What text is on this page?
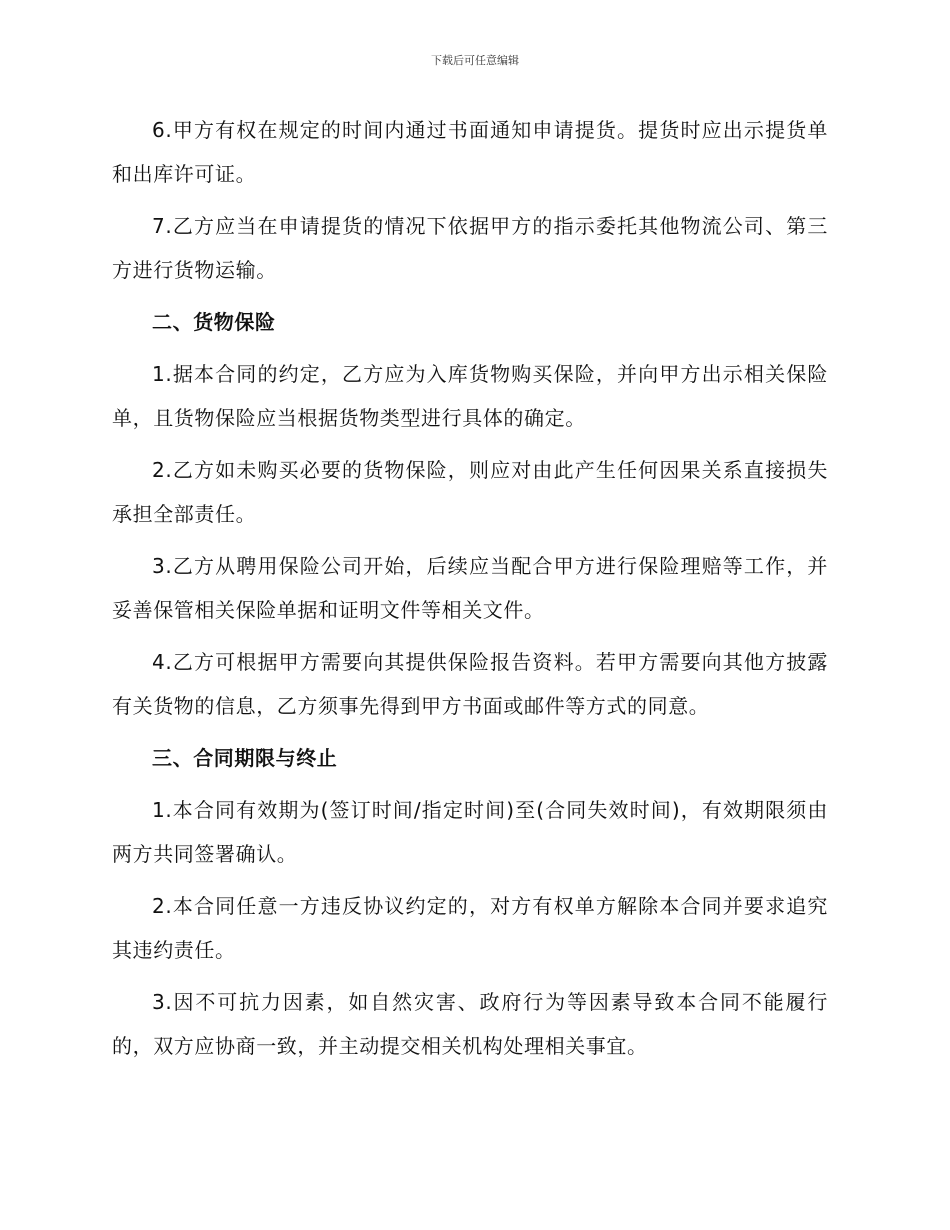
下载后可任意编辑

6.甲方有权在规定的时间内通过书面通知申请提货。提货时应出示提货单和出库许可证。

7.乙方应当在申请提货的情况下依据甲方的指示委托其他物流公司、第三方进行货物运输。

二、货物保险

1.据本合同的约定，乙方应为入库货物购买保险，并向甲方出示相关保险单，且货物保险应当根据货物类型进行具体的确定。

2.乙方如未购买必要的货物保险，则应对由此产生任何因果关系直接损失承担全部责任。

3.乙方从聘用保险公司开始，后续应当配合甲方进行保险理赔等工作，并妥善保管相关保险单据和证明文件等相关文件。

4.乙方可根据甲方需要向其提供保险报告资料。若甲方需要向其他方披露有关货物的信息，乙方须事先得到甲方书面或邮件等方式的同意。

三、合同期限与终止

1.本合同有效期为(签订时间/指定时间)至(合同失效时间)，有效期限须由两方共同签署确认。

2.本合同任意一方违反协议约定的，对方有权单方解除本合同并要求追究其违约责任。

3.因不可抗力因素，如自然灾害、政府行为等因素导致本合同不能履行的，双方应协商一致，并主动提交相关机构处理相关事宜。
